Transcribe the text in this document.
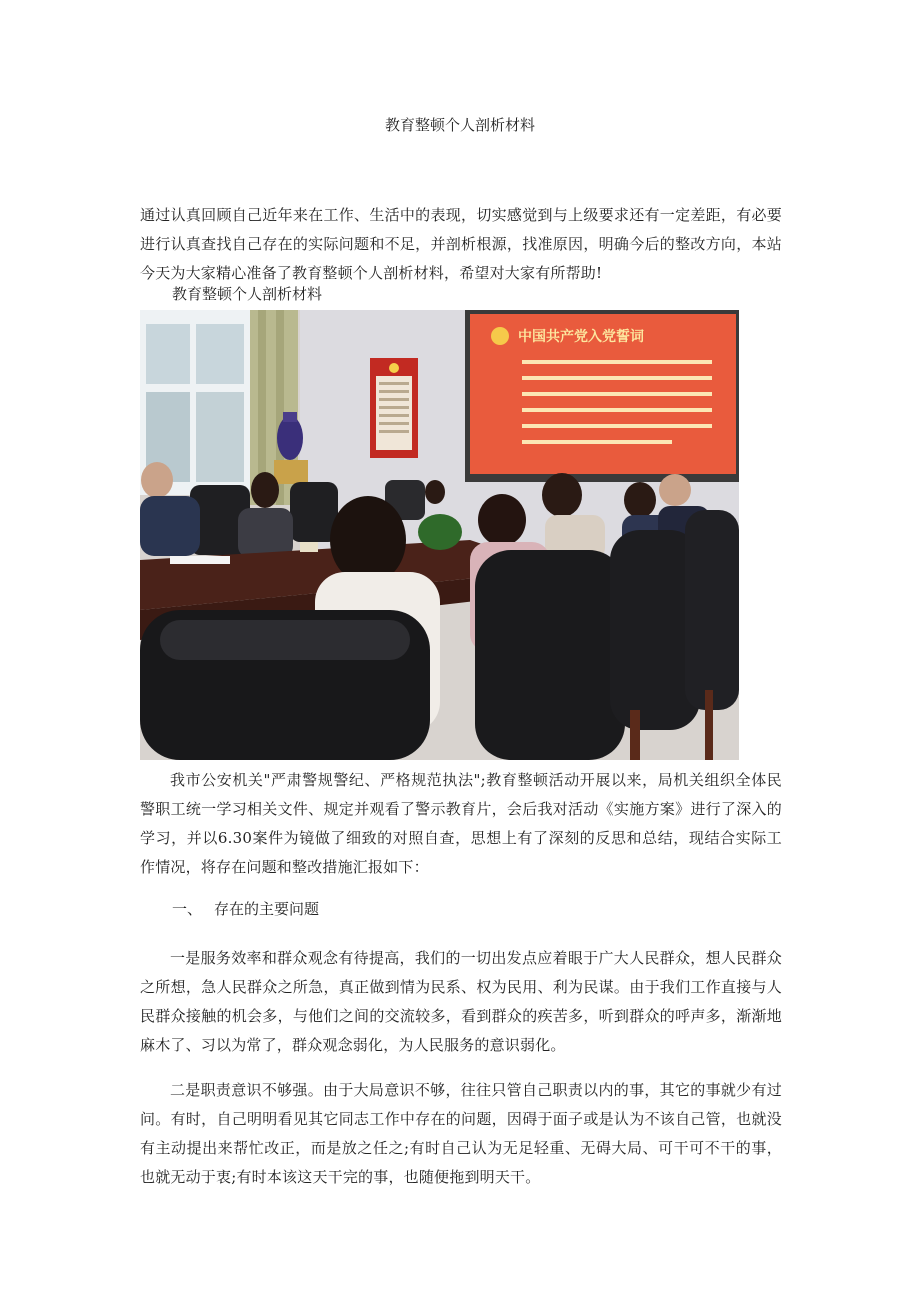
教育整顿个人剖析材料

通过认真回顾自己近年来在工作、生活中的表现，切实感觉到与上级要求还有一定差距，有必要进行认真查找自己存在的实际问题和不足，并剖析根源，找准原因，明确今后的整改方向，本站今天为大家精心准备了教育整顿个人剖析材料，希望对大家有所帮助!

教育整顿个人剖析材料
中国共产党入党誓词

我市公安机关"严肃警规警纪、严格规范执法";教育整顿活动开展以来，局机关组织全体民警职工统一学习相关文件、规定并观看了警示教育片，会后我对活动《实施方案》进行了深入的学习，并以6.30案件为镜做了细致的对照自查，思想上有了深刻的反思和总结，现结合实际工作情况，将存在问题和整改措施汇报如下：

一、 存在的主要问题

一是服务效率和群众观念有待提高，我们的一切出发点应着眼于广大人民群众，想人民群众之所想，急人民群众之所急，真正做到情为民系、权为民用、利为民谋。由于我们工作直接与人民群众接触的机会多，与他们之间的交流较多，看到群众的疾苦多，听到群众的呼声多，渐渐地麻木了、习以为常了，群众观念弱化，为人民服务的意识弱化。

二是职责意识不够强。由于大局意识不够，往往只管自己职责以内的事，其它的事就少有过问。有时，自己明明看见其它同志工作中存在的问题，因碍于面子或是认为不该自己管，也就没有主动提出来帮忙改正，而是放之任之;有时自己认为无足轻重、无碍大局、可干可不干的事，也就无动于衷;有时本该这天干完的事，也随便拖到明天干。
